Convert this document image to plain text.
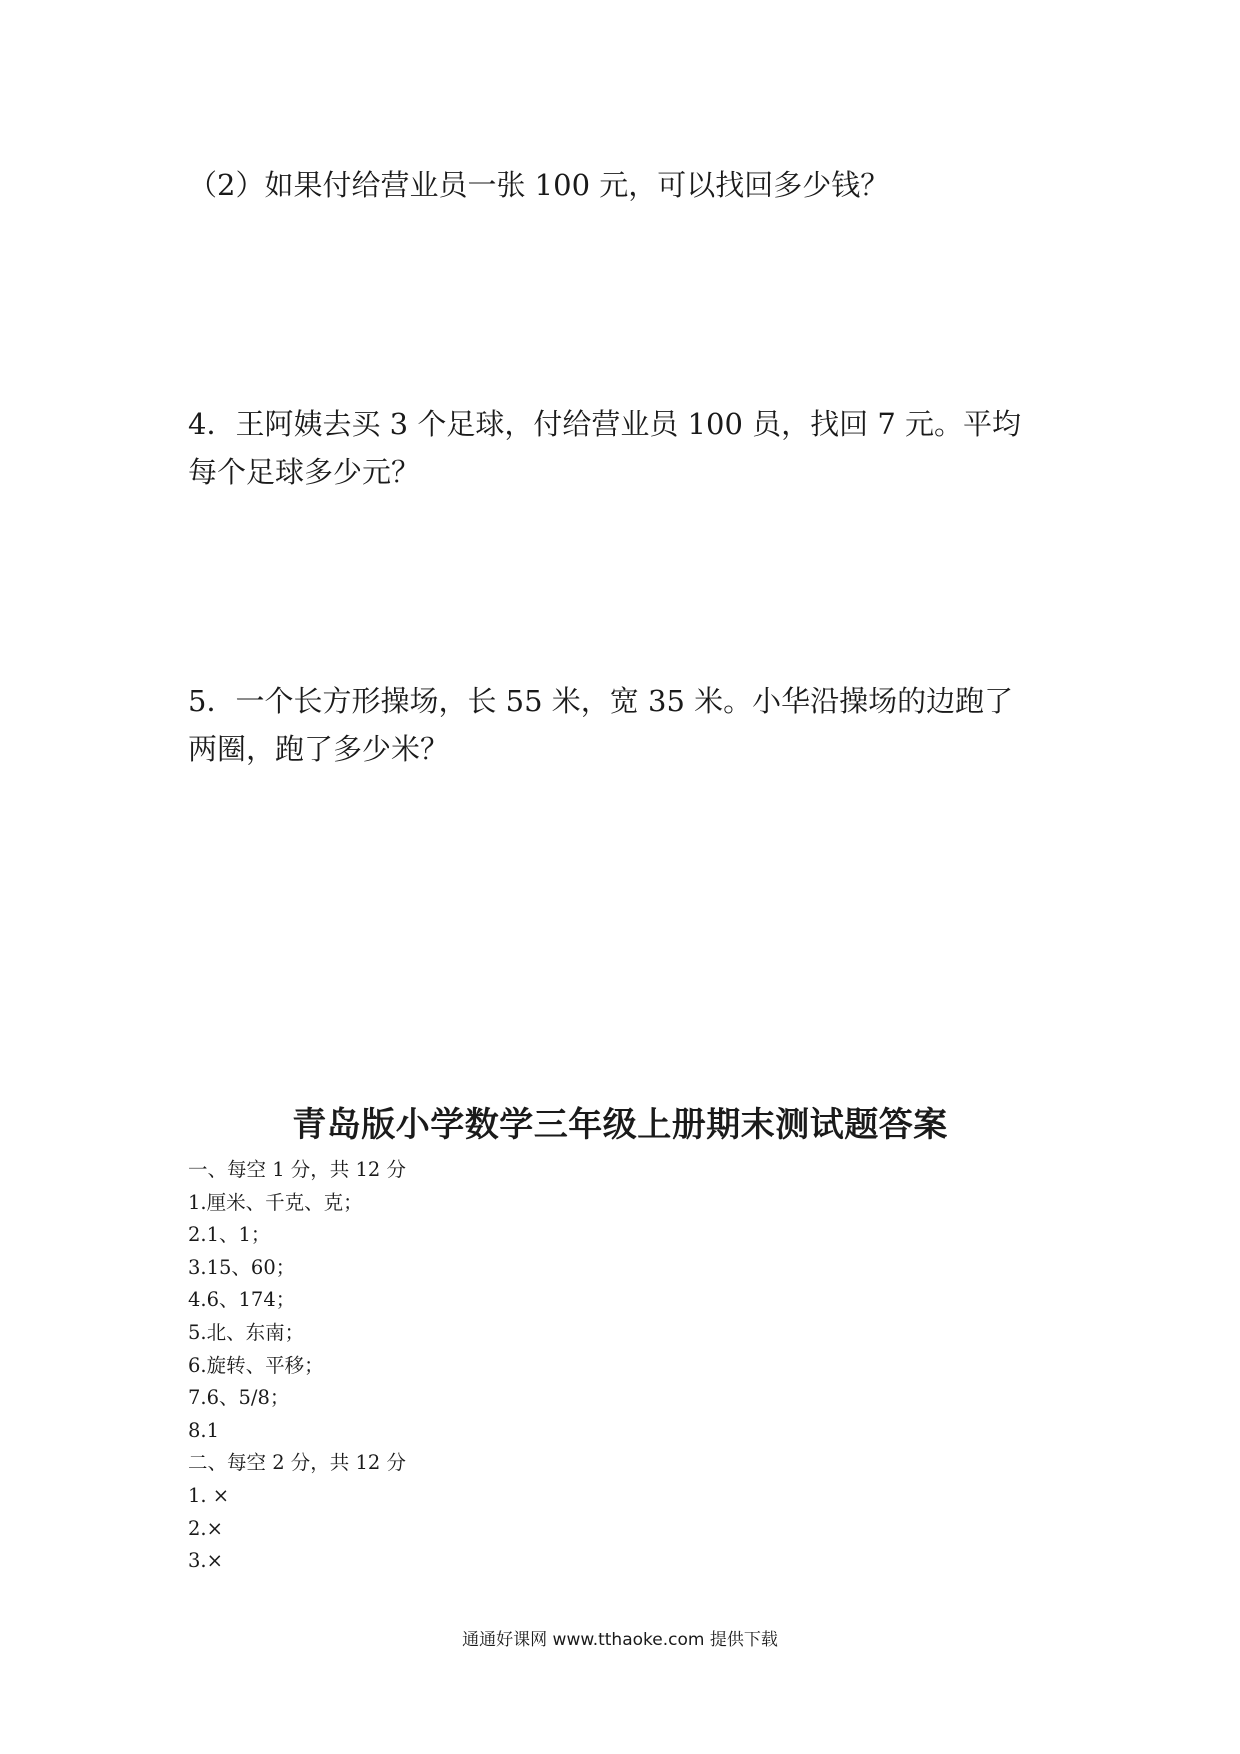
（2）如果付给营业员一张 100 元，可以找回多少钱？

4．王阿姨去买 3 个足球，付给营业员 100 员，找回 7 元。平均

每个足球多少元？

5．一个长方形操场，长 55 米，宽 35 米。小华沿操场的边跑了

两圈，跑了多少米？

青岛版小学数学三年级上册期末测试题答案
一、每空 1 分，共 12 分
1.厘米、千克、克；
2.1、1；
3.15、60；
4.6、174；
5.北、东南；
6.旋转、平移；
7.6、5/8；
8.1
二、每空 2 分，共 12 分
1. ×
2.×
3.×
通通好课网 www.tthaoke.com 提供下载
